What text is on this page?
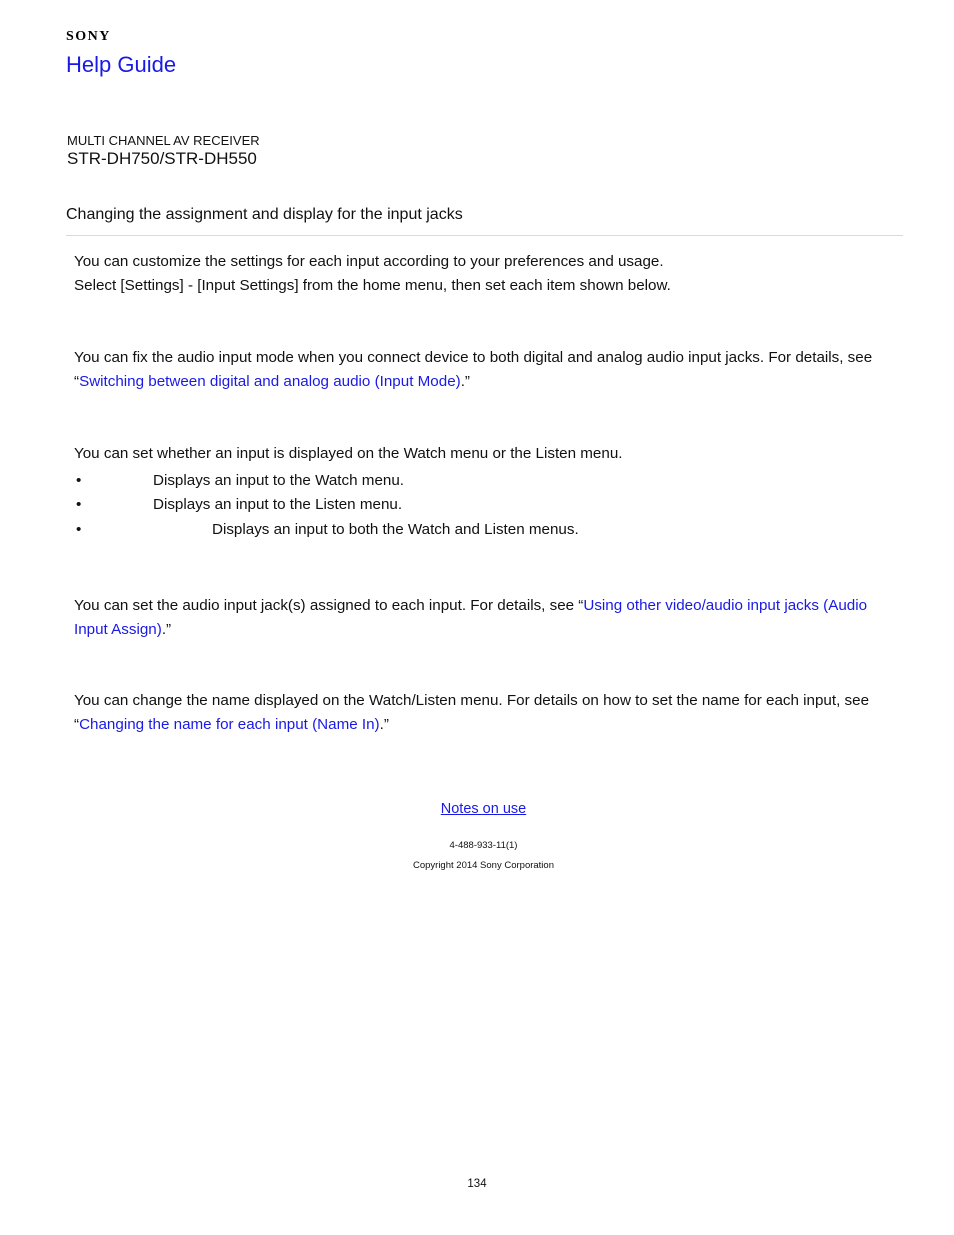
SONY
Help Guide
MULTI CHANNEL AV RECEIVER
STR-DH750/STR-DH550
Changing the assignment and display for the input jacks

You can customize the settings for each input according to your preferences and usage.

Select [Settings] - [Input Settings] from the home menu, then set each item shown below.

You can fix the audio input mode when you connect device to both digital and analog audio input jacks. For details, see “Switching between digital and analog audio (Input Mode).”

You can set whether an input is displayed on the Watch menu or the Listen menu.

•	Displays an input to the Watch menu.
•	Displays an input to the Listen menu.
•	Displays an input to both the Watch and Listen menus.

You can set the audio input jack(s) assigned to each input. For details, see “Using other video/audio input jacks (Audio Input Assign).”

You can change the name displayed on the Watch/Listen menu. For details on how to set the name for each input, see “Changing the name for each input (Name In).”

Notes on use
4-488-933-11(1)
Copyright 2014 Sony Corporation
134
